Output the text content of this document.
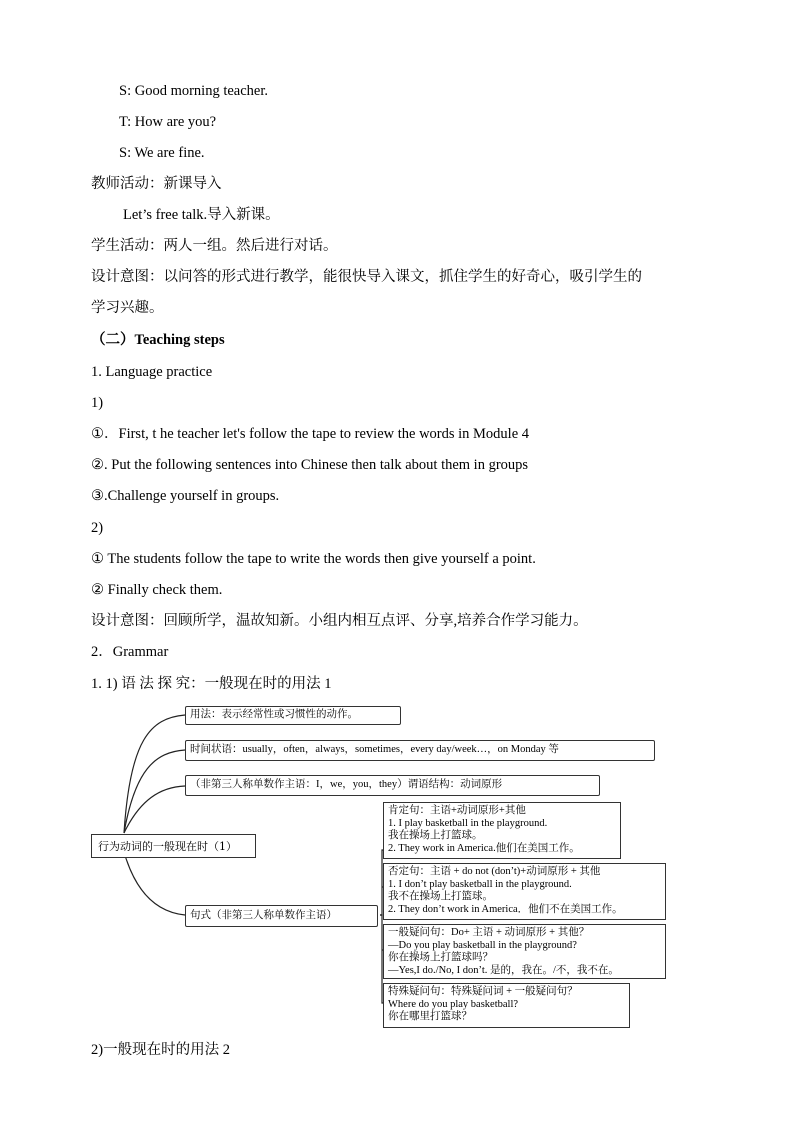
S: Good morning teacher.
T: How are you?
S: We are fine.
教师活动：新课导入
Let’s free talk.导入新课。
学生活动：两人一组。然后进行对话。
设计意图：以问答的形式进行教学，能很快导入课文，抓住学生的好奇心，吸引学生的
学习兴趣。
（二）Teaching steps
1. Language practice
1)
①．First, t he teacher let's follow the tape to review the words in Module 4
②. Put the following sentences into Chinese then talk about them in groups
③.Challenge yourself in groups.
2)
① The students follow the tape to write the words then give yourself a point.
② Finally check them.
设计意图：回顾所学，温故知新。小组内相互点评、分享,培养合作学习能力。
2．Grammar
1. 1) 语 法 探 究：一般现在时的用法 1
行为动词的一般现在时（1）
用法：表示经常性或习惯性的动作。
时间状语：usually，often，always，sometimes，every day/week…，on Monday 等
（非第三人称单数作主语：I，we，you，they）谓语结构：动词原形
句式（非第三人称单数作主语）
肯定句：主语+动词原形+其他
1. I play basketball in the playground.
我在操场上打篮球。
2. They work in America.他们在美国工作。
否定句：主语 + do not (don’t)+动词原形 + 其他
1. I don’t play basketball in the playground.
我不在操场上打篮球。
2. They don’t work in America．他们不在美国工作。
一般疑问句：Do+ 主语 + 动词原形 + 其他？
—Do you play basketball in the playground?
你在操场上打篮球吗？
—Yes,I do./No, I don’t. 是的，我在。/不，我不在。
特殊疑问句：特殊疑问词 + 一般疑问句？
Where do you play basketball?
你在哪里打篮球？
2)一般现在时的用法 2
